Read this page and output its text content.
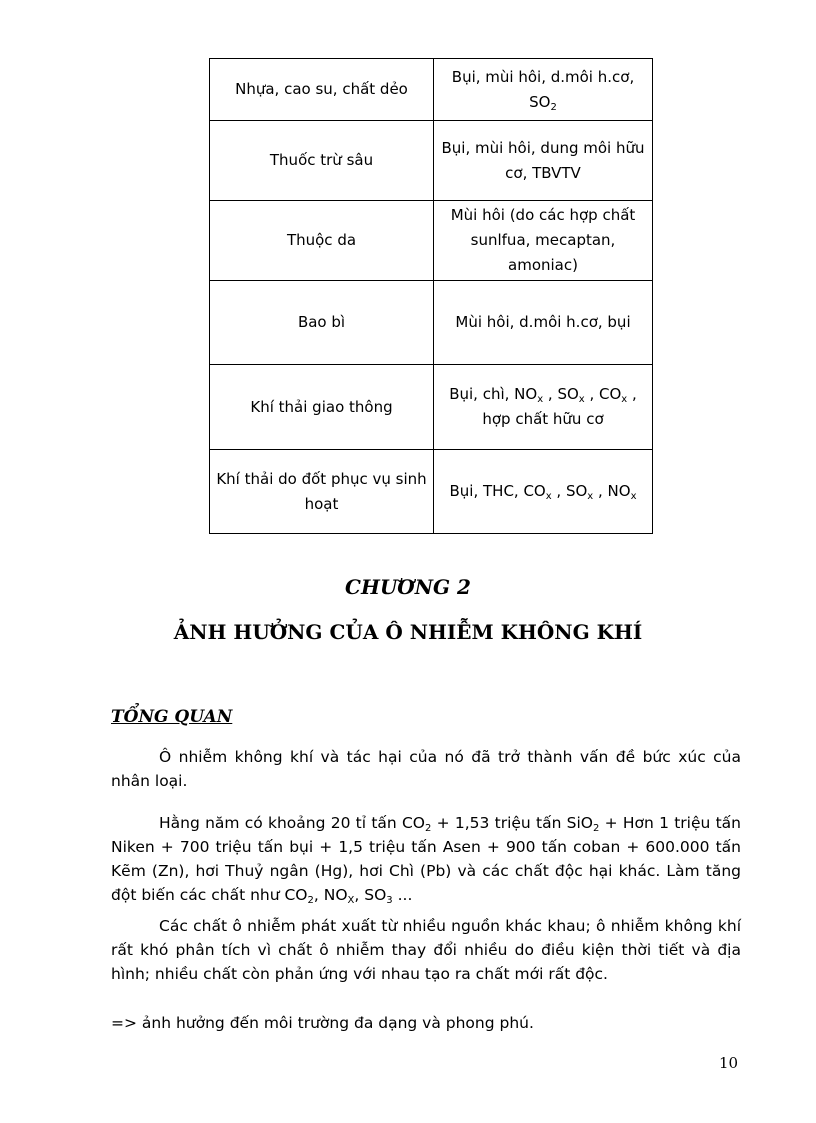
Nhựa, cao su, chất dẻo	Bụi, mùi hôi, d.môi h.cơ, $SO_2$
Thuốc trừ sâu	Bụi, mùi hôi, dung môi hữu cơ, TBVTV
Thuộc da	Mùi hôi (do các hợp chất sunlfua, mecaptan, amoniac)
Bao bì	Mùi hôi, d.môi h.cơ, bụi
Khí thải giao thông	Bụi, chì, $NO_x$ , $SO_x$ , $CO_x$ , hợp chất hữu cơ
Khí thải do đốt phục vụ sinh hoạt	Bụi, THC, $CO_x$ , $SO_x$ , $NO_x$
CHƯƠNG 2
ẢNH HƯỞNG CỦA Ô NHIỄM KHÔNG KHÍ
TỔNG QUAN
Ô nhiễm không khí và tác hại của nó đã trở thành vấn đề bức xúc của nhân loại.
Hằng năm có khoảng 20 tỉ tấn $CO_2 + 1,53$ triệu tấn SiO$_2$ + Hơn 1 triệu tấn Niken + 700 triệu tấn bụi + 1,5 triệu tấn Asen + 900 tấn coban + 600.000 tấn Kẽm (Zn), hơi Thuỷ ngân (Hg), hơi Chì (Pb) và các chất độc hại khác. Làm tăng đột biến các chất như $CO_2$, $NO_X$, $SO_3$ ...
Các chất ô nhiễm phát xuất từ nhiều nguồn khác khau; ô nhiễm không khí rất khó phân tích vì chất ô nhiễm thay đổi nhiều do điều kiện thời tiết và địa hình; nhiều chất còn phản ứng với nhau tạo ra chất mới rất độc.
=> ảnh hưởng đến môi trường đa dạng và phong phú.
10
